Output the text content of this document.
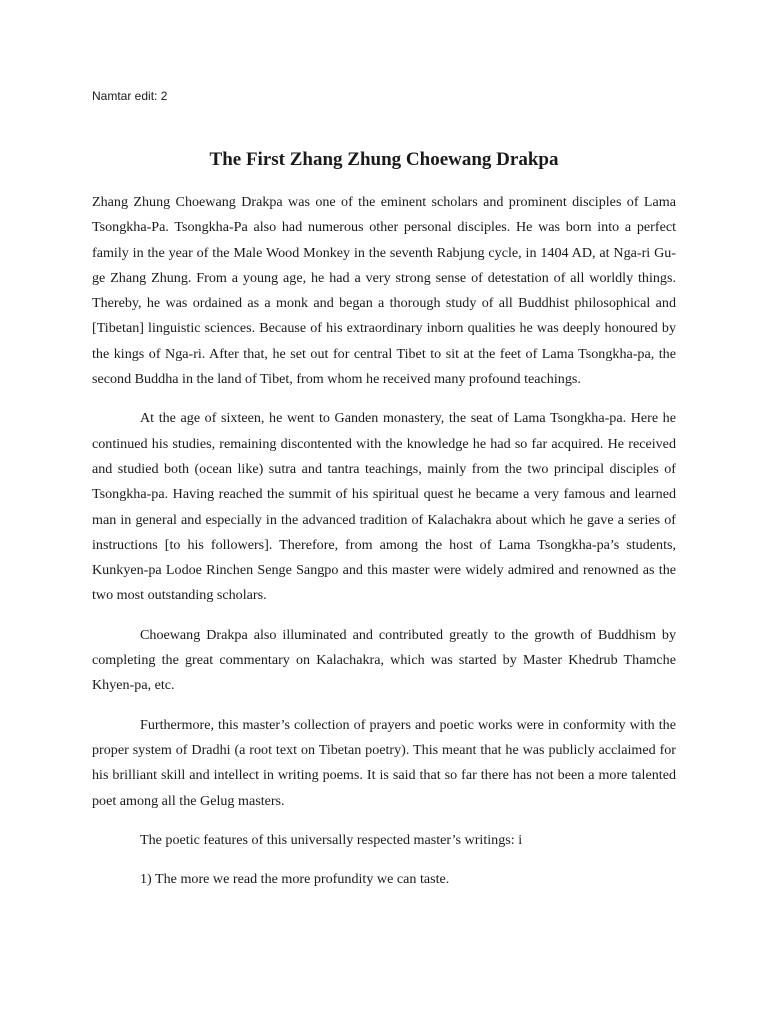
Namtar edit: 2
The First Zhang Zhung Choewang Drakpa

Zhang Zhung Choewang Drakpa was one of the eminent scholars and prominent disciples of Lama Tsongkha-Pa. Tsongkha-Pa also had numerous other personal disciples. He was born into a perfect family in the year of the Male Wood Monkey in the seventh Rabjung cycle, in 1404 AD, at Nga-ri Gu-ge Zhang Zhung. From a young age, he had a very strong sense of detestation of all worldly things. Thereby, he was ordained as a monk and began a thorough study of all Buddhist philosophical and [Tibetan] linguistic sciences. Because of his extraordinary inborn qualities he was deeply honoured by the kings of Nga-ri. After that, he set out for central Tibet to sit at the feet of Lama Tsongkha-pa, the second Buddha in the land of Tibet, from whom he received many profound teachings.

At the age of sixteen, he went to Ganden monastery, the seat of Lama Tsongkha-pa. Here he continued his studies, remaining discontented with the knowledge he had so far acquired. He received and studied both (ocean like) sutra and tantra teachings, mainly from the two principal disciples of Tsongkha-pa. Having reached the summit of his spiritual quest he became a very famous and learned man in general and especially in the advanced tradition of Kalachakra about which he gave a series of instructions [to his followers]. Therefore, from among the host of Lama Tsongkha-pa’s students, Kunkyen-pa Lodoe Rinchen Senge Sangpo and this master were widely admired and renowned as the two most outstanding scholars.

Choewang Drakpa also illuminated and contributed greatly to the growth of Buddhism by completing the great commentary on Kalachakra, which was started by Master Khedrub Thamche Khyen-pa, etc.

Furthermore, this master’s collection of prayers and poetic works were in conformity with the proper system of Dradhi (a root text on Tibetan poetry). This meant that he was publicly acclaimed for his brilliant skill and intellect in writing poems. It is said that so far there has not been a more talented poet among all the Gelug masters.

The poetic features of this universally respected master’s writings: i

1) The more we read the more profundity we can taste.
